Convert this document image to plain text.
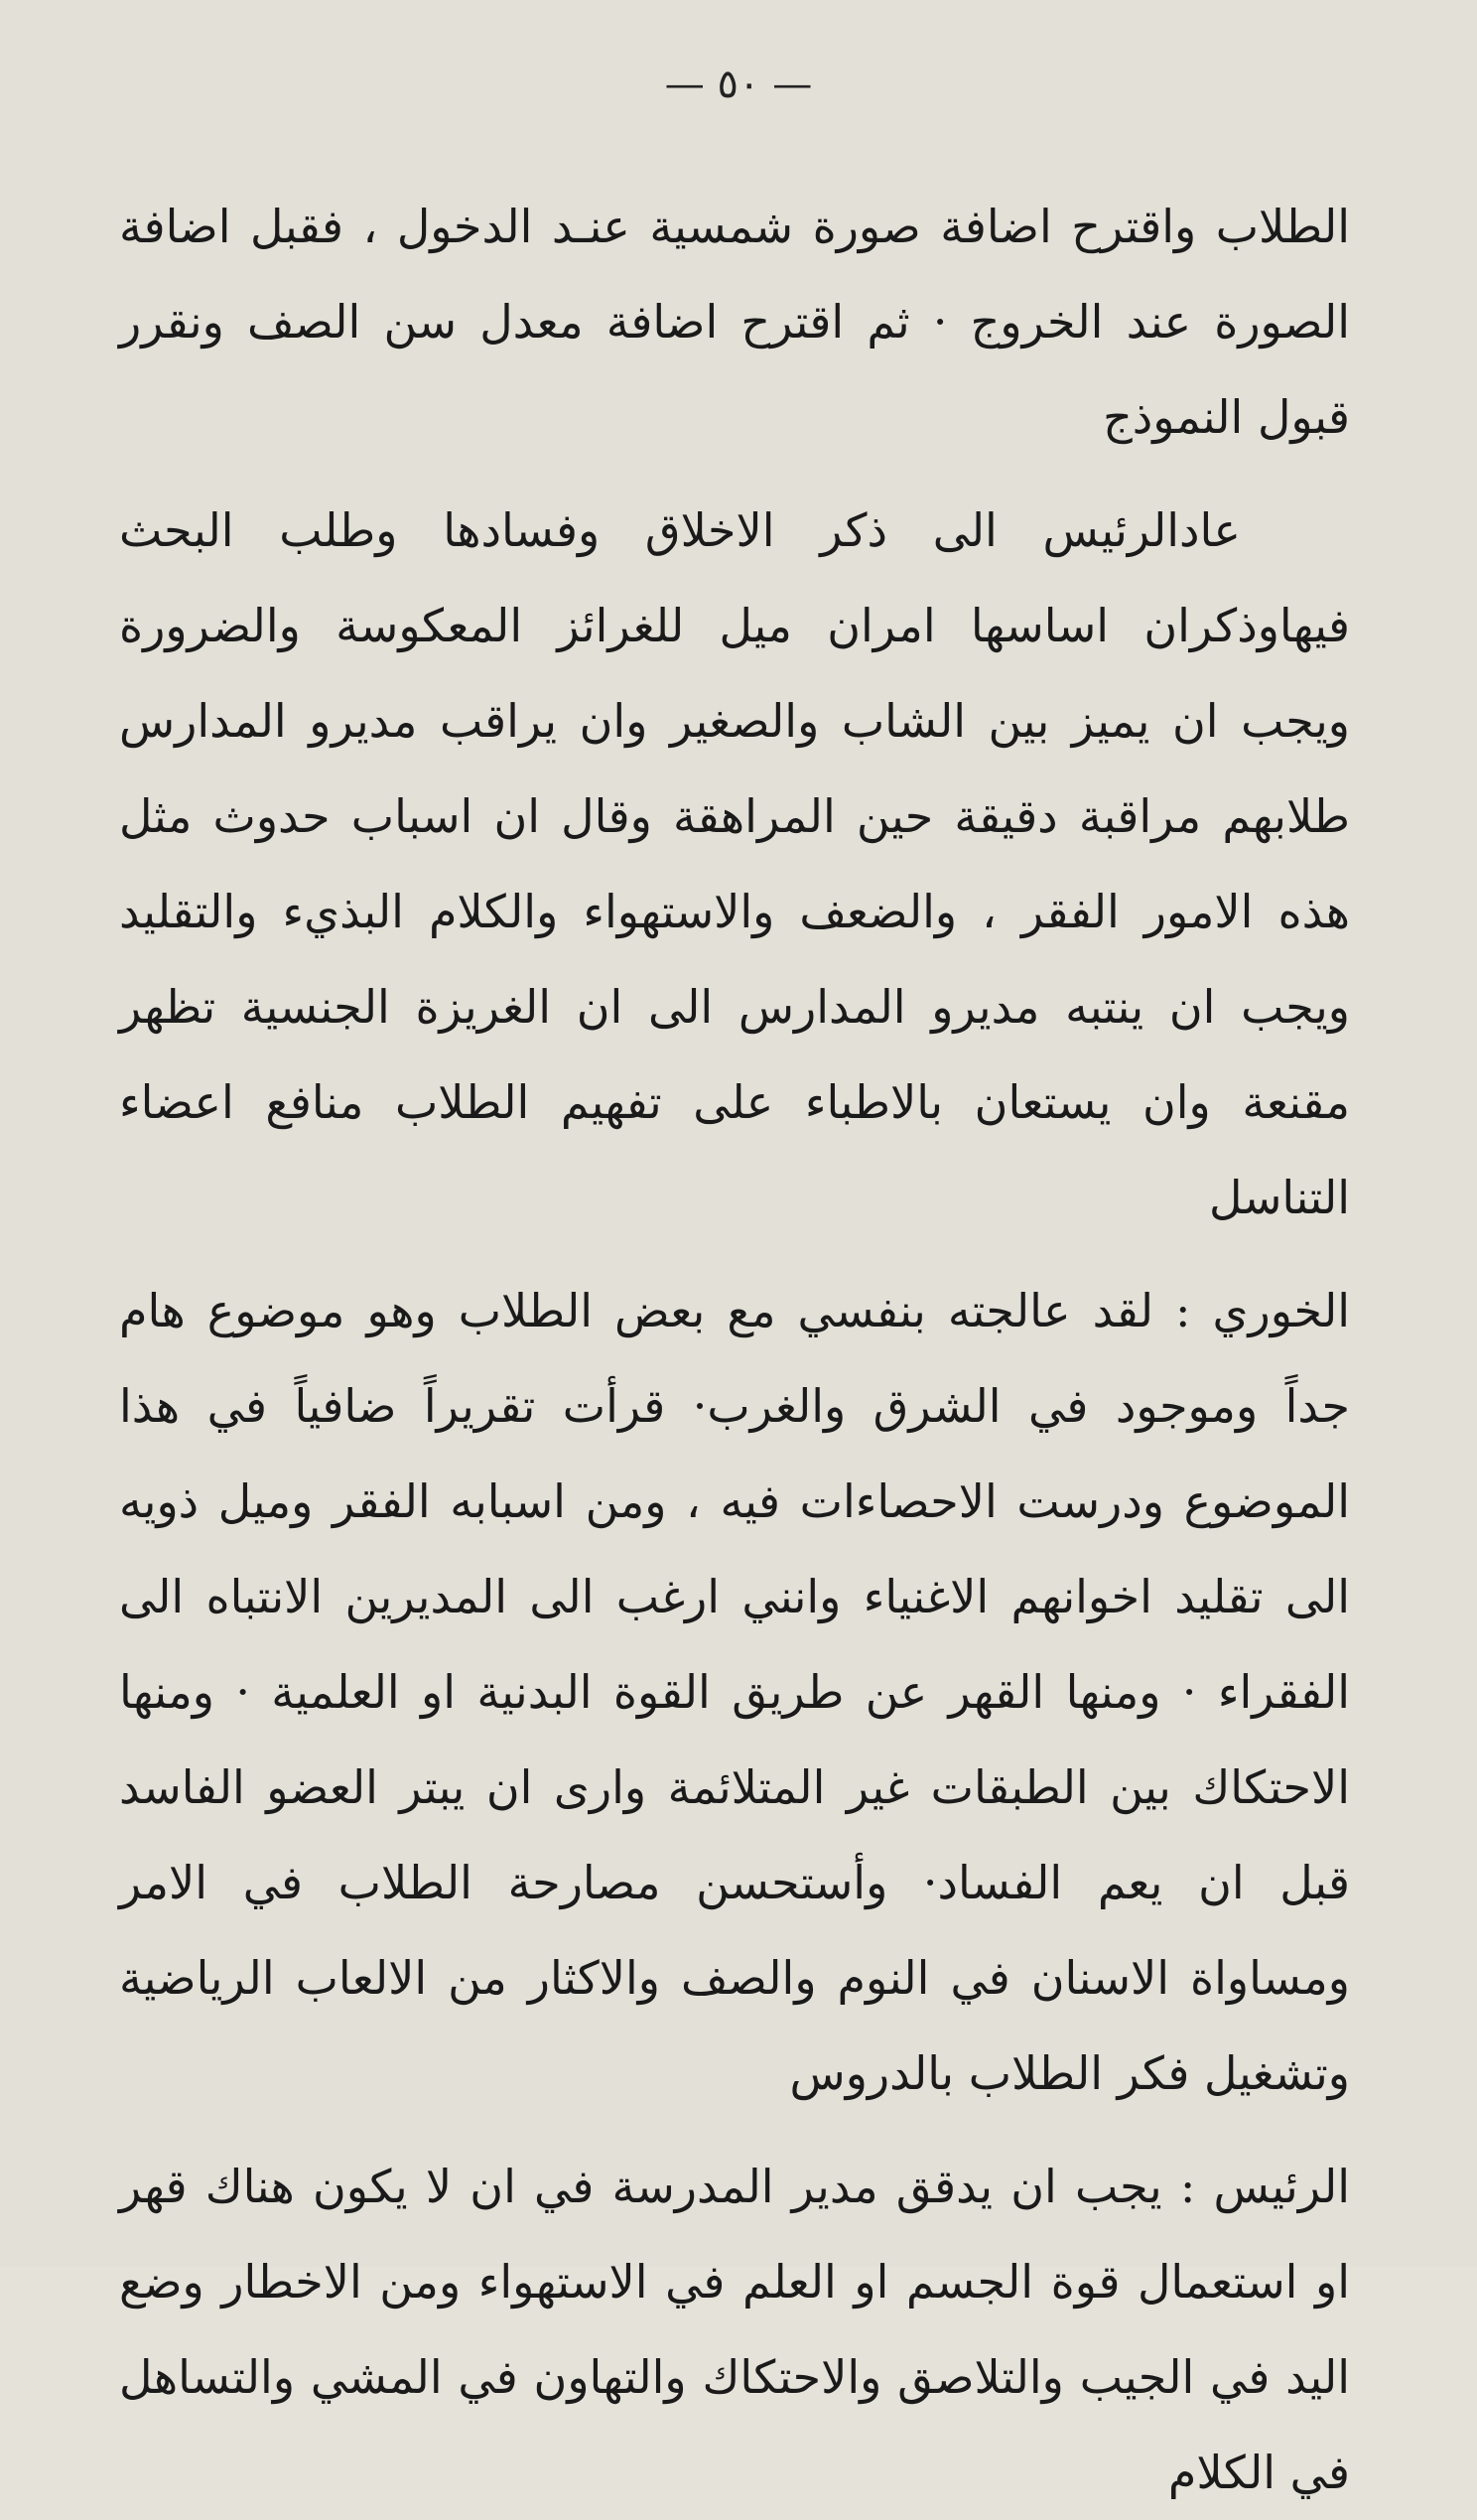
— ٥٠ —

الطلاب واقترح اضافة صورة شمسية عنـد الدخول ، فقبل اضافة الصورة عند الخروج · ثم اقترح اضافة معدل سن الصف ونقرر قبول النموذج

عادالرئيس الى ذكر الاخلاق وفسادها وطلب البحث فيهاوذكران اساسها امران ميل للغرائز المعكوسة والضرورة ويجب ان يميز بين الشاب والصغير وان يراقب مديرو المدارس طلابهم مراقبة دقيقة حين المراهقة وقال ان اسباب حدوث مثل هذه الامور الفقر ، والضعف والاستهواء والكلام البذيء والتقليد ويجب ان ينتبه مديرو المدارس الى ان الغريزة الجنسية تظهر مقنعة وان يستعان بالاطباء على تفهيم الطلاب منافع اعضاء التناسل

الخوري : لقد عالجته بنفسي مع بعض الطلاب وهو موضوع هام جداً وموجود في الشرق والغرب· قرأت تقريراً ضافياً في هذا الموضوع ودرست الاحصاءات فيه ، ومن اسبابه الفقر وميل ذويه الى تقليد اخوانهم الاغنياء وانني ارغب الى المديرين الانتباه الى الفقراء · ومنها القهر عن طريق القوة البدنية او العلمية · ومنها الاحتكاك بين الطبقات غير المتلائمة وارى ان يبتر العضو الفاسد قبل ان يعم الفساد· وأستحسن مصارحة الطلاب في الامر ومساواة الاسنان في النوم والصف والاكثار من الالعاب الرياضية وتشغيل فكر الطلاب بالدروس

الرئيس : يجب ان يدقق مدير المدرسة في ان لا يكون هناك قهر او استعمال قوة الجسم او العلم في الاستهواء ومن الاخطار وضع اليد في الجيب والتلاصق والاحتكاك والتهاون في المشي والتساهل في الكلام
